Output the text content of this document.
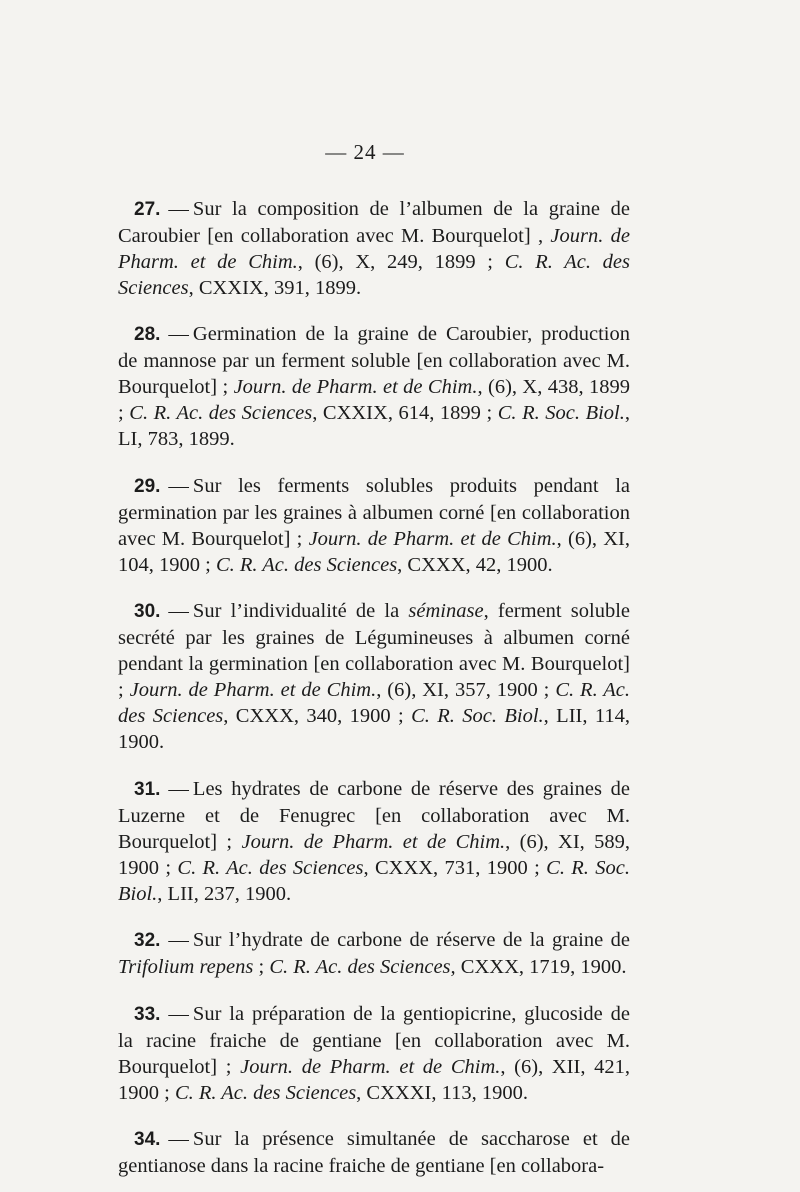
— 24 —

27. — Sur la composition de l’albumen de la graine de Caroubier [en collaboration avec M. Bourquelot] , Journ. de Pharm. et de Chim., (6), X, 249, 1899 ; C. R. Ac. des Sciences, CXXIX, 391, 1899.

28. — Germination de la graine de Caroubier, production de mannose par un ferment soluble [en collaboration avec M. Bourquelot] ; Journ. de Pharm. et de Chim., (6), X, 438, 1899 ; C. R. Ac. des Sciences, CXXIX, 614, 1899 ; C. R. Soc. Biol., LI, 783, 1899.

29. — Sur les ferments solubles produits pendant la germination par les graines à albumen corné [en collaboration avec M. Bourquelot] ; Journ. de Pharm. et de Chim., (6), XI, 104, 1900 ; C. R. Ac. des Sciences, CXXX, 42, 1900.

30. — Sur l’individualité de la séminase, ferment soluble secrété par les graines de Légumineuses à albumen corné pendant la germination [en collaboration avec M. Bourquelot] ; Journ. de Pharm. et de Chim., (6), XI, 357, 1900 ; C. R. Ac. des Sciences, CXXX, 340, 1900 ; C. R. Soc. Biol., LII, 114, 1900.

31. — Les hydrates de carbone de réserve des graines de Luzerne et de Fenugrec [en collaboration avec M. Bourquelot] ; Journ. de Pharm. et de Chim., (6), XI, 589, 1900 ; C. R. Ac. des Sciences, CXXX, 731, 1900 ; C. R. Soc. Biol., LII, 237, 1900.

32. — Sur l’hydrate de carbone de réserve de la graine de Trifolium repens ; C. R. Ac. des Sciences, CXXX, 1719, 1900.

33. — Sur la préparation de la gentiopicrine, glucoside de la racine fraiche de gentiane [en collaboration avec M. Bourquelot] ; Journ. de Pharm. et de Chim., (6), XII, 421, 1900 ; C. R. Ac. des Sciences, CXXXI, 113, 1900.

34. — Sur la présence simultanée de saccharose et de gentianose dans la racine fraiche de gentiane [en collabora-
